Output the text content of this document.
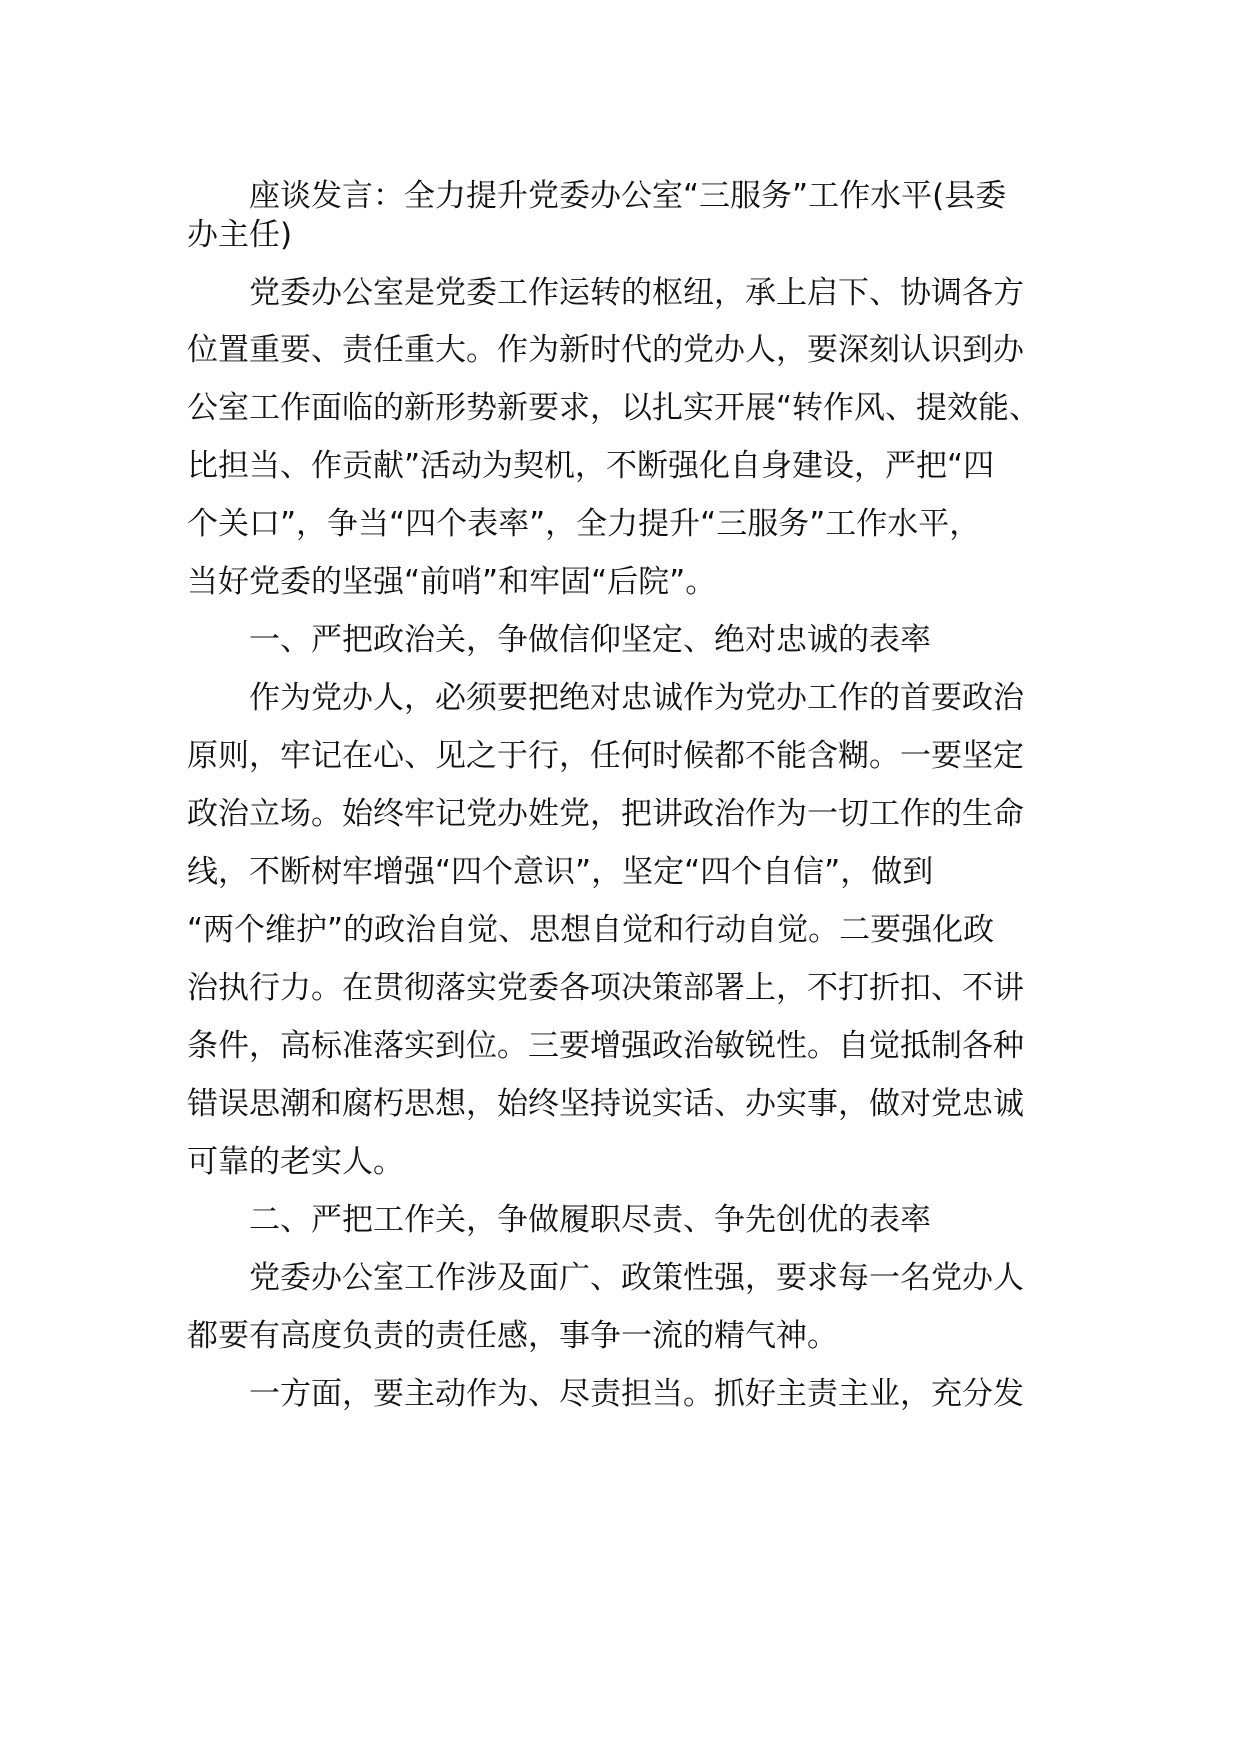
　　座谈发言：全力提升党委办公室“三服务”工作水平(县委

办主任)

　　党委办公室是党委工作运转的枢纽，承上启下、协调各方

位置重要、责任重大。作为新时代的党办人，要深刻认识到办

公室工作面临的新形势新要求，以扎实开展“转作风、提效能、

比担当、作贡献”活动为契机，不断强化自身建设，严把“四

个关口”，争当“四个表率”，全力提升“三服务”工作水平，

当好党委的坚强“前哨”和牢固“后院”。

　　一、严把政治关，争做信仰坚定、绝对忠诚的表率

　　作为党办人，必须要把绝对忠诚作为党办工作的首要政治

原则，牢记在心、见之于行，任何时候都不能含糊。一要坚定

政治立场。始终牢记党办姓党，把讲政治作为一切工作的生命

线，不断树牢增强“四个意识”，坚定“四个自信”，做到

“两个维护”的政治自觉、思想自觉和行动自觉。二要强化政

治执行力。在贯彻落实党委各项决策部署上，不打折扣、不讲

条件，高标准落实到位。三要增强政治敏锐性。自觉抵制各种

错误思潮和腐朽思想，始终坚持说实话、办实事，做对党忠诚

可靠的老实人。

　　二、严把工作关，争做履职尽责、争先创优的表率

　　党委办公室工作涉及面广、政策性强，要求每一名党办人

都要有高度负责的责任感，事争一流的精气神。

　　一方面，要主动作为、尽责担当。抓好主责主业，充分发
